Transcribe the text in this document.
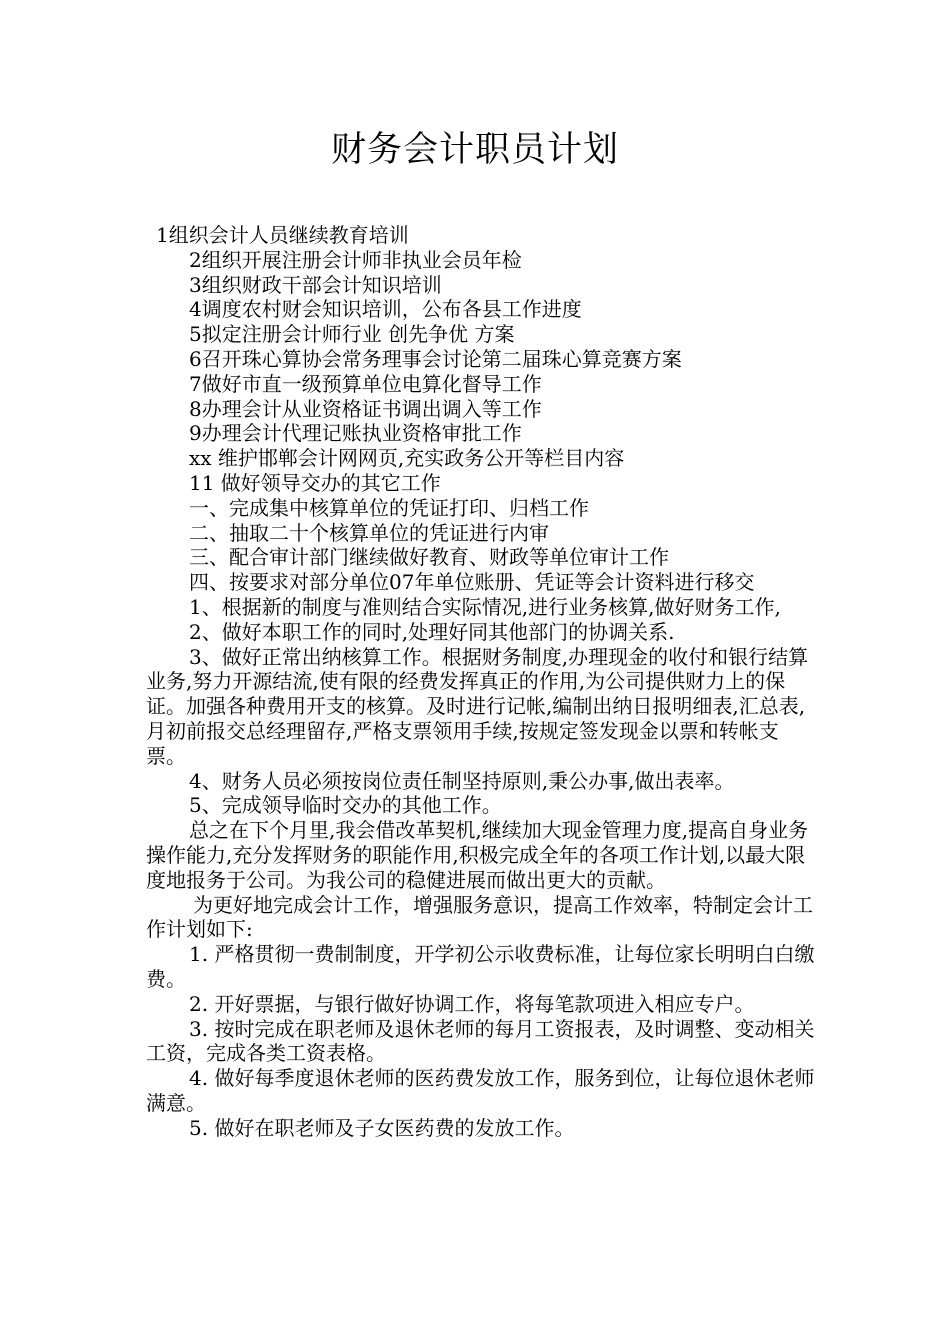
财务会计职员计划
1组织会计人员继续教育培训
2组织开展注册会计师非执业会员年检
3组织财政干部会计知识培训
4调度农村财会知识培训，公布各县工作进度
5拟定注册会计师行业 创先争优 方案
6召开珠心算协会常务理事会讨论第二届珠心算竞赛方案
7做好市直一级预算单位电算化督导工作
8办理会计从业资格证书调出调入等工作
9办理会计代理记账执业资格审批工作
xx 维护邯郸会计网网页,充实政务公开等栏目内容
11 做好领导交办的其它工作
一、完成集中核算单位的凭证打印、归档工作
二、抽取二十个核算单位的凭证进行内审
三、配合审计部门继续做好教育、财政等单位审计工作

四、按要求对部分单位07年单位账册、凭证等会计资料进行移交

1、根据新的制度与准则结合实际情况,进行业务核算,做好财务工作,

2、做好本职工作的同时,处理好同其他部门的协调关系.

3、做好正常出纳核算工作。根据财务制度,办理现金的收付和银行结算业务,努力开源结流,使有限的经费发挥真正的作用,为公司提供财力上的保证。加强各种费用开支的核算。及时进行记帐,编制出纳日报明细表,汇总表,月初前报交总经理留存,严格支票领用手续,按规定签发现金以票和转帐支票。

4、财务人员必须按岗位责任制坚持原则,秉公办事,做出表率。

5、完成领导临时交办的其他工作。

总之在下个月里,我会借改革契机,继续加大现金管理力度,提高自身业务操作能力,充分发挥财务的职能作用,积极完成全年的各项工作计划,以最大限度地报务于公司。为我公司的稳健进展而做出更大的贡献。

为更好地完成会计工作，增强服务意识，提高工作效率，特制定会计工作计划如下:

1. 严格贯彻一费制制度，开学初公示收费标准，让每位家长明明白白缴费。

2. 开好票据，与银行做好协调工作，将每笔款项进入相应专户。

3. 按时完成在职老师及退休老师的每月工资报表，及时调整、变动相关工资，完成各类工资表格。

4. 做好每季度退休老师的医药费发放工作，服务到位，让每位退休老师满意。

5. 做好在职老师及子女医药费的发放工作。
